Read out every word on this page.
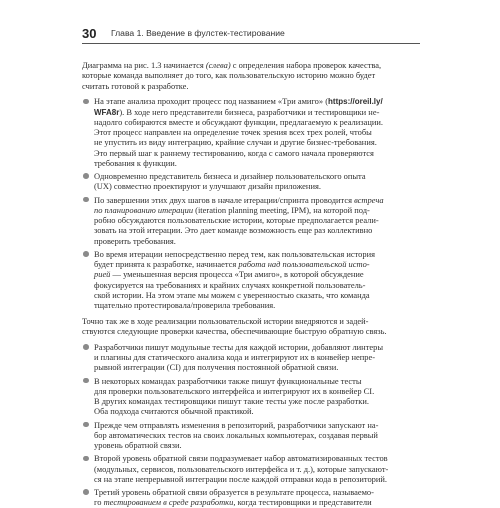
30 Глава 1. Введение в фулстек-тестирование
Диаграмма на рис. 1.3 начинается (слева) с определения набора проверок качества,
которые команда выполняет до того, как пользовательскую историю можно будет
считать готовой к разработке.
На этапе анализа проходит процесс под названием «Три амиго» (https://oreil.ly/
WFA8r). В ходе него представители бизнеса, разработчики и тестировщики не-
надолго собираются вместе и обсуждают функции, предлагаемую к реализации.
Этот процесс направлен на определение точек зрения всех трех ролей, чтобы
не упустить из виду интеграцию, крайние случаи и другие бизнес-требования.
Это первый шаг к раннему тестированию, когда с самого начала проверяются
требования к функции.
Одновременно представитель бизнеса и дизайнер пользовательского опыта
(UX) совместно проектируют и улучшают дизайн приложения.
По завершении этих двух шагов в начале итерации/спринта проводится встреча
по планированию итерации (iteration planning meeting, IPM), на которой под-
робно обсуждаются пользовательские истории, которые предполагается реали-
зовать на этой итерации. Это дает команде возможность еще раз коллективно
проверить требования.
Во время итерации непосредственно перед тем, как пользовательская история
будет принята к разработке, начинается работа над пользовательской истo-
рией — уменьшенная версия процесса «Три амиго», в которой обсуждение
фокусируется на требованиях и крайних случаях конкретной пользователь-
ской истории. На этом этапе мы можем с уверенностью сказать, что команда
тщательно протестировала/проверила требования.
Точно так же в ходе реализации пользовательской истории внедряются и задей-
ствуются следующие проверки качества, обеспечивающие быструю обратную связь.
Разработчики пишут модульные тесты для каждой истории, добавляют линтеры
и плагины для статического анализа кода и интегрируют их в конвейер непре-
рывной интеграции (CI) для получения постоянной обратной связи.
В некоторых командах разработчики также пишут функциональные тесты
для проверки пользовательского интерфейса и интегрируют их в конвейер CI.
В других командах тестировщики пишут такие тесты уже после разработки.
Оба подхода считаются обычной практикой.
Прежде чем отправлять изменения в репозиторий, разработчики запускают на-
бор автоматических тестов на своих локальных компьютерах, создавая первый
уровень обратной связи.
Второй уровень обратной связи подразумевает набор автоматизированных тестов
(модульных, сервисов, пользовательского интерфейса и т. д.), которые запускают-
ся на этапе непрерывной интеграции после каждой отправки кода в репозиторий.
Третий уровень обратной связи образуется в результате процесса, называемо-
го тестированием в среде разработки, когда тестировщики и представители
